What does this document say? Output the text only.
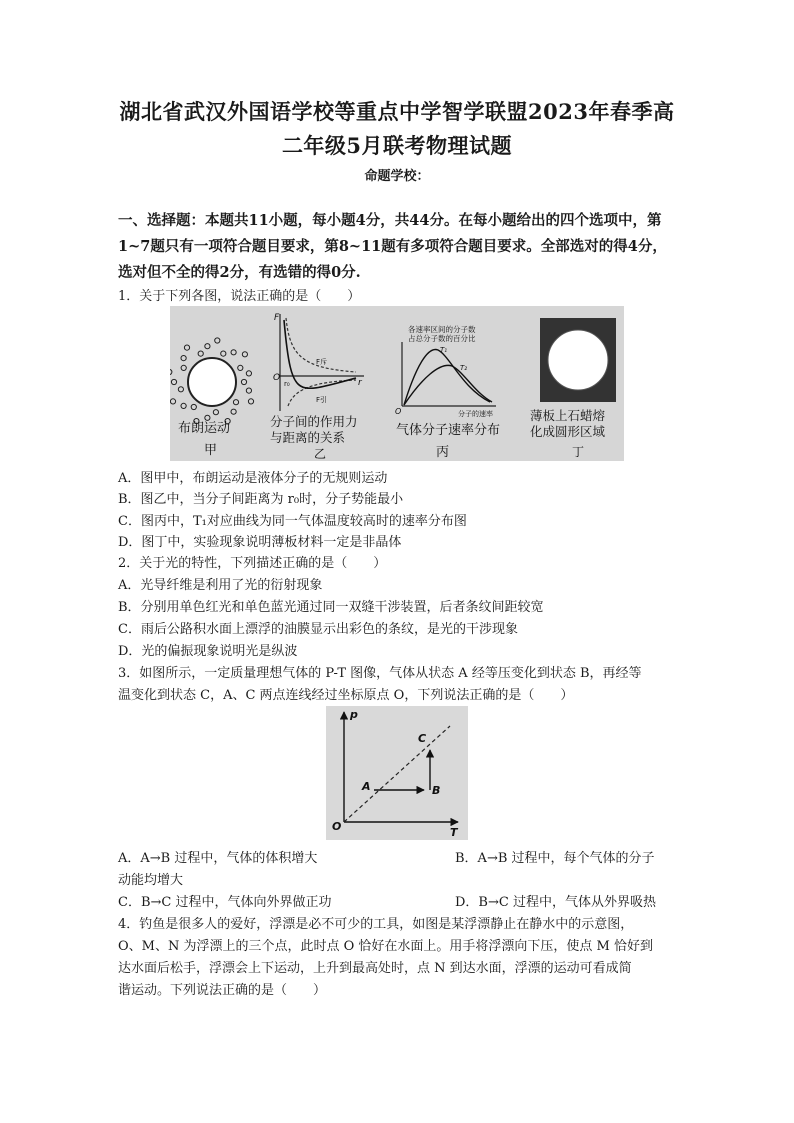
湖北省武汉外国语学校等重点中学智学联盟2023年春季高
二年级5月联考物理试题
命题学校：
一、选择题：本题共11小题，每小题4分，共44分。在每小题给出的四个选项中，第1~7题只有一项符合题目要求，第8~11题有多项符合题目要求。全部选对的得4分，选对但不全的得2分，有选错的得0分.
1．关于下列各图，说法正确的是（　　）
布朗运动
甲
F
O
r₀	r
F斥
F引
分子间的作用力
与距离的关系
乙
各速率区间的分子数
占总分子数的百分比
T₁
T₂
O	分子的速率
气体分子速率分布
丙
薄板上石蜡熔
化成圆形区域
丁
A．图甲中，布朗运动是液体分子的无规则运动
B．图乙中，当分子间距离为 r₀时，分子势能最小
C．图丙中，T₁对应曲线为同一气体温度较高时的速率分布图
D．图丁中，实验现象说明薄板材料一定是非晶体
2．关于光的特性，下列描述正确的是（　　）
A．光导纤维是利用了光的衍射现象
B．分别用单色红光和单色蓝光通过同一双缝干涉装置，后者条纹间距较宽
C．雨后公路积水面上漂浮的油膜显示出彩色的条纹，是光的干涉现象
D．光的偏振现象说明光是纵波
3．如图所示，一定质量理想气体的 P-T 图像，气体从状态 A 经等压变化到状态 B，再经等
温变化到状态 C，A、C 两点连线经过坐标原点 O，下列说法正确的是（　　）
p
T
O
A	B
C
A．A→B 过程中，气体的体积增大	B．A→B 过程中，每个气体的分子
动能均增大
C．B→C 过程中，气体向外界做正功	D．B→C 过程中，气体从外界吸热
4．钓鱼是很多人的爱好，浮漂是必不可少的工具，如图是某浮漂静止在静水中的示意图，
O、M、N 为浮漂上的三个点，此时点 O 恰好在水面上。用手将浮漂向下压，使点 M 恰好到
达水面后松手，浮漂会上下运动，上升到最高处时，点 N 到达水面，浮漂的运动可看成简
谐运动。下列说法正确的是（　　）
